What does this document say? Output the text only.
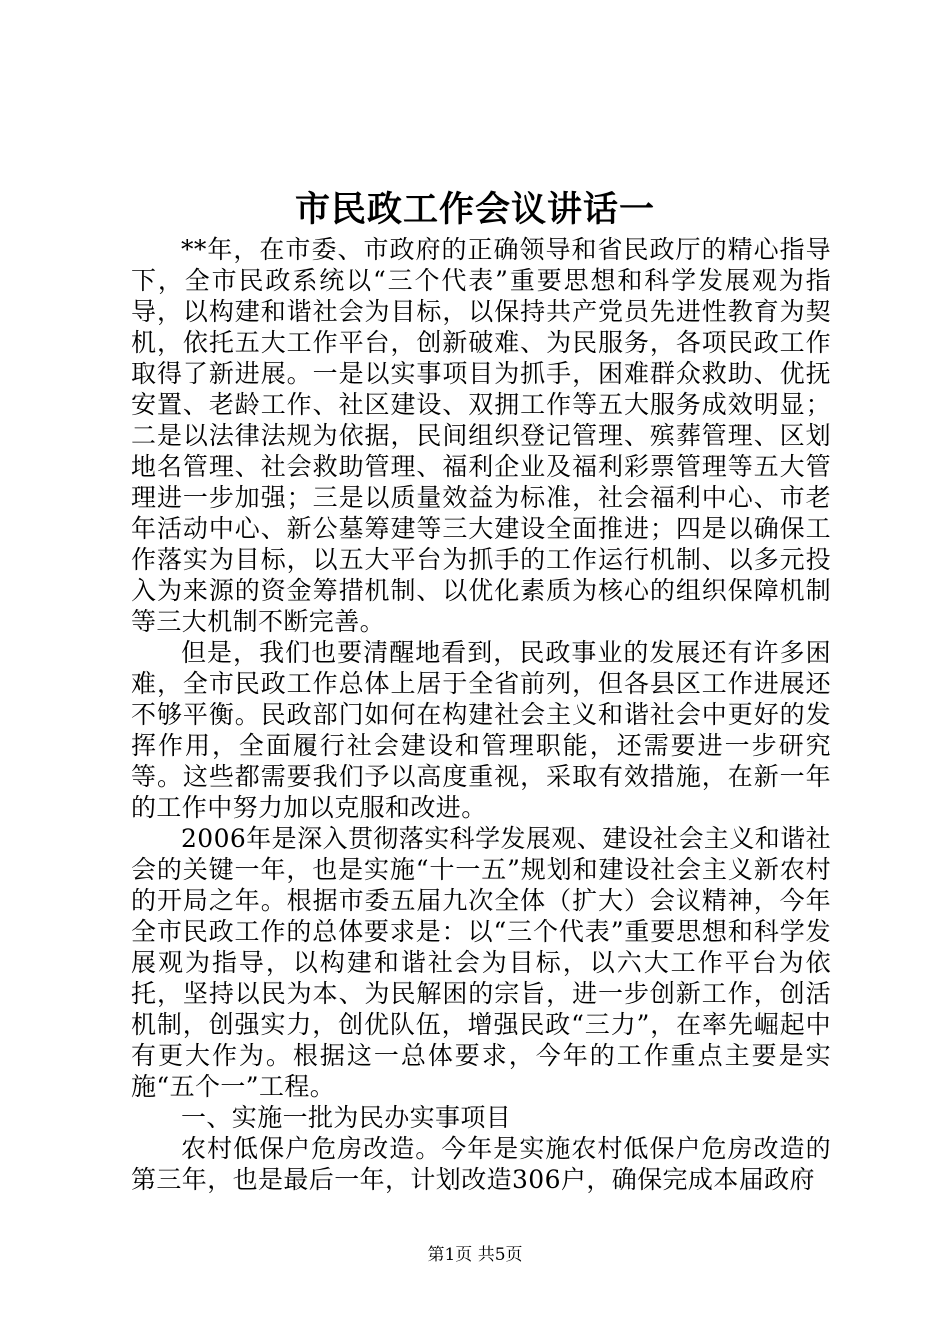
市民政工作会议讲话一

**年，在市委、市政府的正确领导和省民政厅的精心指导下，全市民政系统以“三个代表”重要思想和科学发展观为指导，以构建和谐社会为目标，以保持共产党员先进性教育为契机，依托五大工作平台，创新破难、为民服务，各项民政工作取得了新进展。一是以实事项目为抓手，困难群众救助、优抚安置、老龄工作、社区建设、双拥工作等五大服务成效明显；二是以法律法规为依据，民间组织登记管理、殡葬管理、区划地名管理、社会救助管理、福利企业及福利彩票管理等五大管理进一步加强；三是以质量效益为标准，社会福利中心、市老年活动中心、新公墓筹建等三大建设全面推进；四是以确保工作落实为目标，以五大平台为抓手的工作运行机制、以多元投入为来源的资金筹措机制、以优化素质为核心的组织保障机制等三大机制不断完善。

但是，我们也要清醒地看到，民政事业的发展还有许多困难，全市民政工作总体上居于全省前列，但各县区工作进展还不够平衡。民政部门如何在构建社会主义和谐社会中更好的发挥作用，全面履行社会建设和管理职能，还需要进一步研究等。这些都需要我们予以高度重视，采取有效措施，在新一年的工作中努力加以克服和改进。

2006年是深入贯彻落实科学发展观、建设社会主义和谐社会的关键一年，也是实施“十一五”规划和建设社会主义新农村的开局之年。根据市委五届九次全体（扩大）会议精神，今年全市民政工作的总体要求是：以“三个代表”重要思想和科学发展观为指导，以构建和谐社会为目标，以六大工作平台为依托，坚持以民为本、为民解困的宗旨，进一步创新工作，创活机制，创强实力，创优队伍，增强民政“三力”，在率先崛起中有更大作为。根据这一总体要求，今年的工作重点主要是实施“五个一”工程。

一、实施一批为民办实事项目

农村低保户危房改造。今年是实施农村低保户危房改造的第三年，也是最后一年，计划改造306户，确保完成本届政府

第1页 共5页
